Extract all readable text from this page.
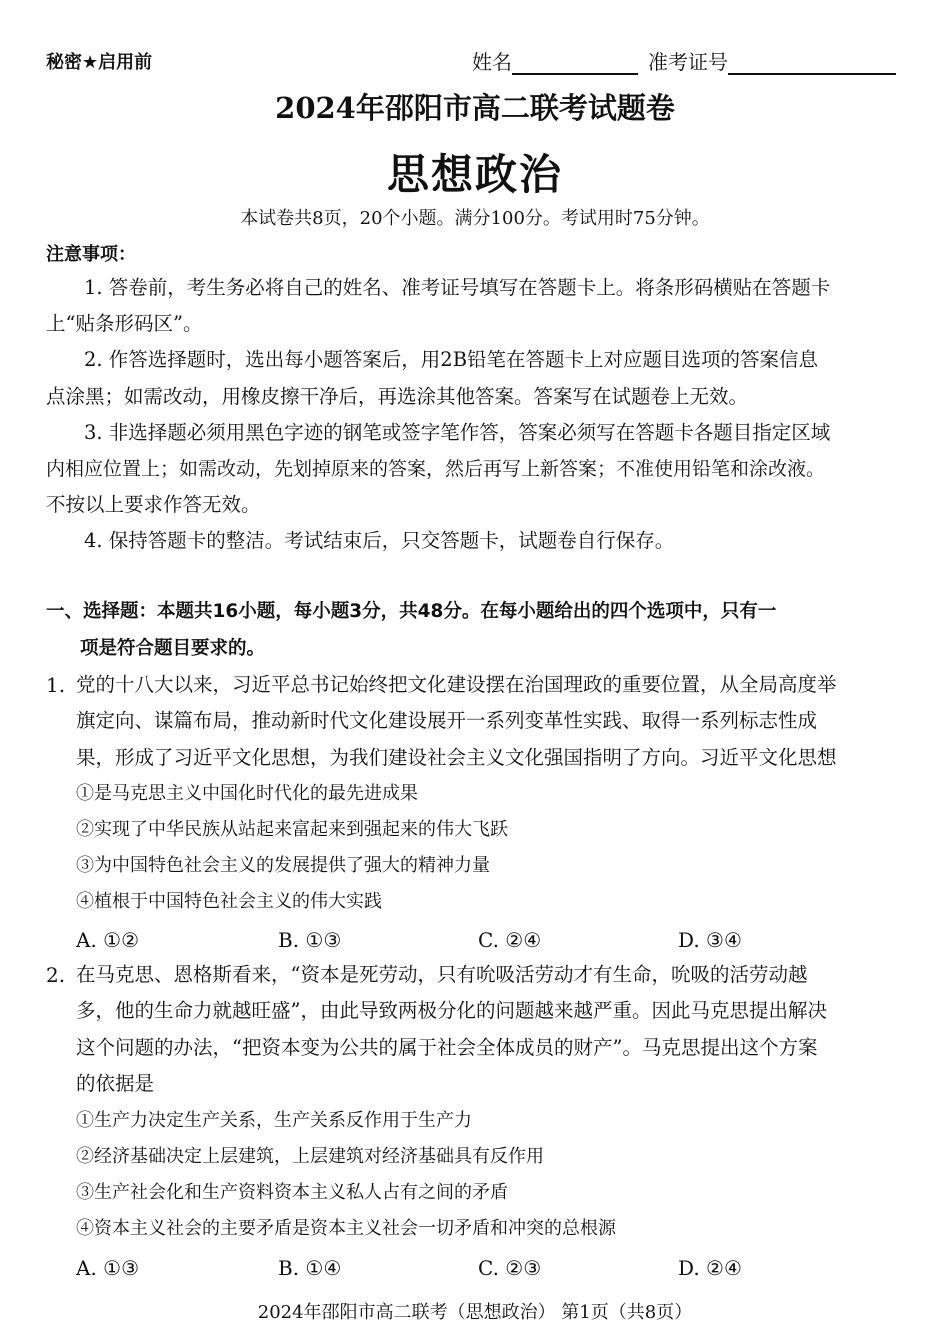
秘密★启用前	姓名	准考证号
2024年邵阳市高二联考试题卷
思想政治
本试卷共8页，20个小题。满分100分。考试用时75分钟。
注意事项：
1. 答卷前，考生务必将自己的姓名、准考证号填写在答题卡上。将条形码横贴在答题卡
上“贴条形码区”。
2. 作答选择题时，选出每小题答案后，用2B铅笔在答题卡上对应题目选项的答案信息
点涂黑；如需改动，用橡皮擦干净后，再选涂其他答案。答案写在试题卷上无效。
3. 非选择题必须用黑色字迹的钢笔或签字笔作答，答案必须写在答题卡各题目指定区域
内相应位置上；如需改动，先划掉原来的答案，然后再写上新答案；不准使用铅笔和涂改液。
不按以上要求作答无效。
4. 保持答题卡的整洁。考试结束后，只交答题卡，试题卷自行保存。
一、选择题：本题共16小题，每小题3分，共48分。在每小题给出的四个选项中，只有一
项是符合题目要求的。
1. 党的十八大以来，习近平总书记始终把文化建设摆在治国理政的重要位置，从全局高度举
旗定向、谋篇布局，推动新时代文化建设展开一系列变革性实践、取得一系列标志性成
果，形成了习近平文化思想，为我们建设社会主义文化强国指明了方向。习近平文化思想
①是马克思主义中国化时代化的最先进成果
②实现了中华民族从站起来富起来到强起来的伟大飞跃
③为中国特色社会主义的发展提供了强大的精神力量
④植根于中国特色社会主义的伟大实践
A. ①②	B. ①③	C. ②④	D. ③④
2. 在马克思、恩格斯看来，“资本是死劳动，只有吮吸活劳动才有生命，吮吸的活劳动越
多，他的生命力就越旺盛”，由此导致两极分化的问题越来越严重。因此马克思提出解决
这个问题的办法，“把资本变为公共的属于社会全体成员的财产”。马克思提出这个方案
的依据是
①生产力决定生产关系，生产关系反作用于生产力
②经济基础决定上层建筑，上层建筑对经济基础具有反作用
③生产社会化和生产资料资本主义私人占有之间的矛盾
④资本主义社会的主要矛盾是资本主义社会一切矛盾和冲突的总根源
A. ①③	B. ①④	C. ②③	D. ②④
2024年邵阳市高二联考（思想政治） 第1页（共8页）
